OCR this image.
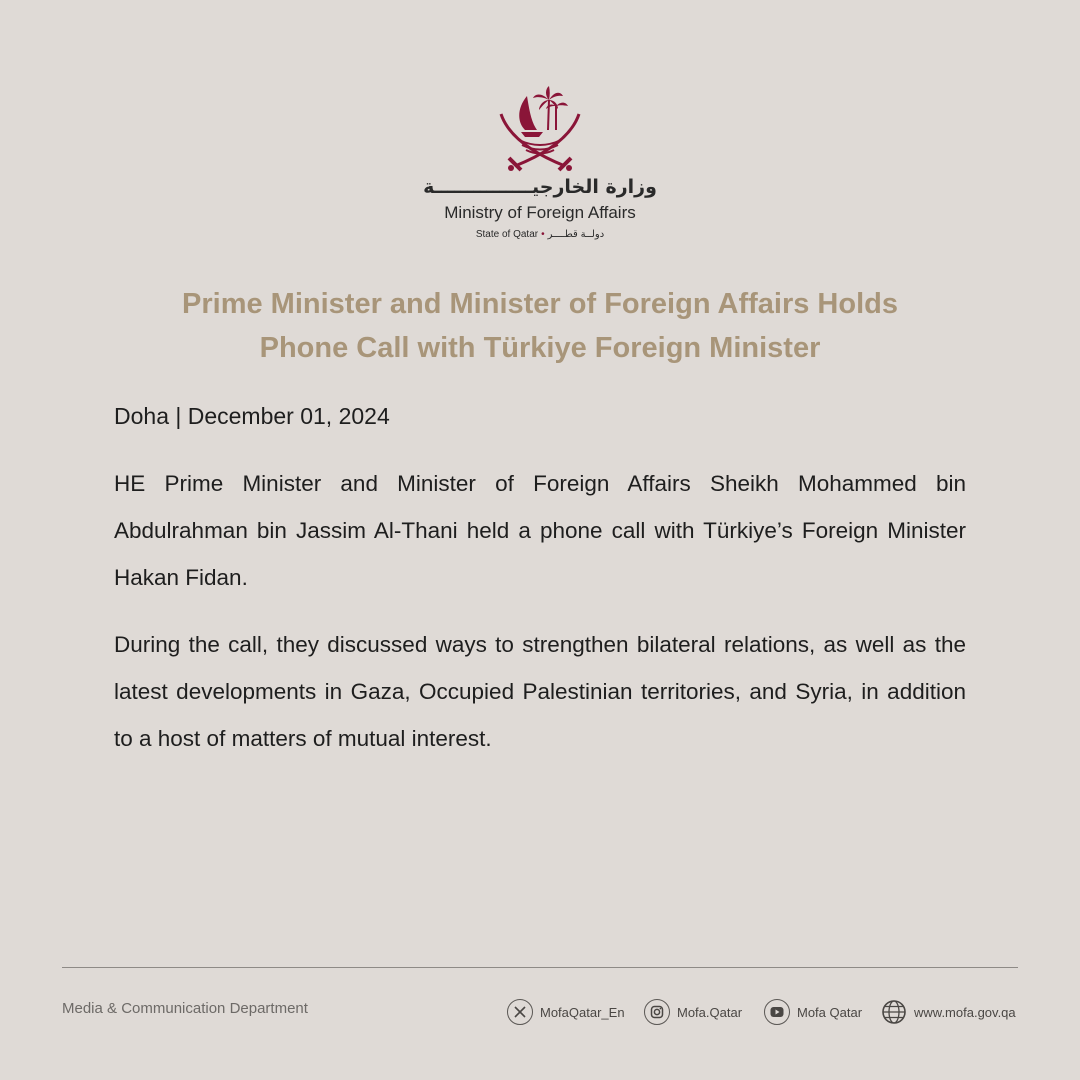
وزارة الخارجيـــــــــــــــة
Ministry of Foreign Affairs
State of Qatar • دولــة قطــــر
Prime Minister and Minister of Foreign Affairs Holds
Phone Call with Türkiye Foreign Minister
Doha | December 01, 2024
HE Prime Minister and Minister of Foreign Affairs Sheikh Mohammed bin Abdulrahman bin Jassim Al-Thani held a phone call with Türkiye’s Foreign Minister Hakan Fidan.
During the call, they discussed ways to strengthen bilateral relations, as well as the latest developments in Gaza, Occupied Palestinian territories, and Syria, in addition to a host of matters of mutual interest.
Media & Communication Department	MofaQatar_En	Mofa.Qatar	Mofa Qatar	www.mofa.gov.qa
